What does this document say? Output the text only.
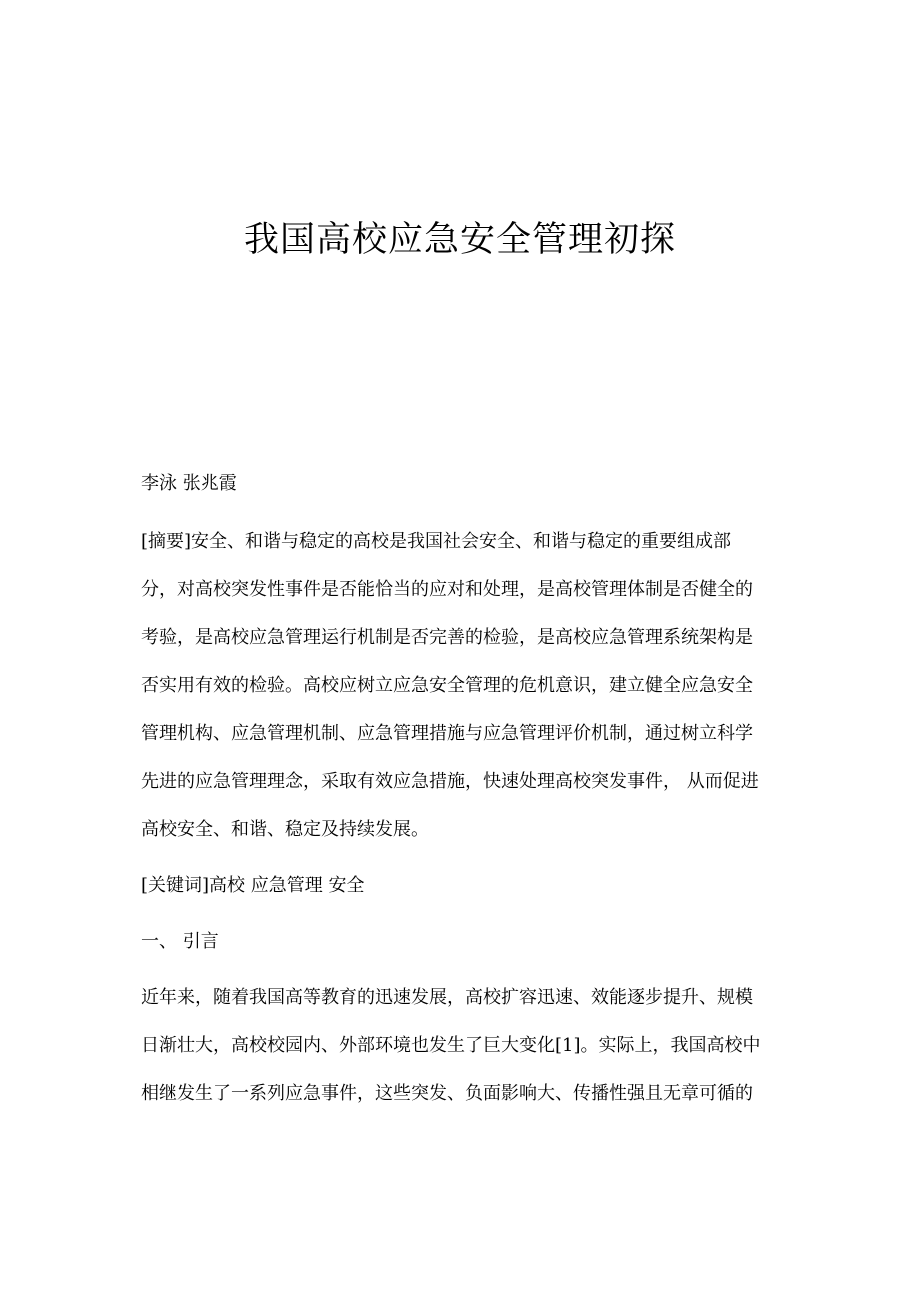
我国高校应急安全管理初探

李泳 张兆霞

[摘要]安全、和谐与稳定的高校是我国社会安全、和谐与稳定的重要组成部

分，对高校突发性事件是否能恰当的应对和处理，是高校管理体制是否健全的

考验，是高校应急管理运行机制是否完善的检验，是高校应急管理系统架构是

否实用有效的检验。高校应树立应急安全管理的危机意识，建立健全应急安全

管理机构、应急管理机制、应急管理措施与应急管理评价机制，通过树立科学

先进的应急管理理念，采取有效应急措施，快速处理高校突发事件， 从而促进

高校安全、和谐、稳定及持续发展。

[关键词]高校 应急管理 安全

一、 引言

近年来，随着我国高等教育的迅速发展，高校扩容迅速、效能逐步提升、规模

日渐壮大，高校校园内、外部环境也发生了巨大变化[1]。实际上，我国高校中

相继发生了一系列应急事件，这些突发、负面影响大、传播性强且无章可循的
